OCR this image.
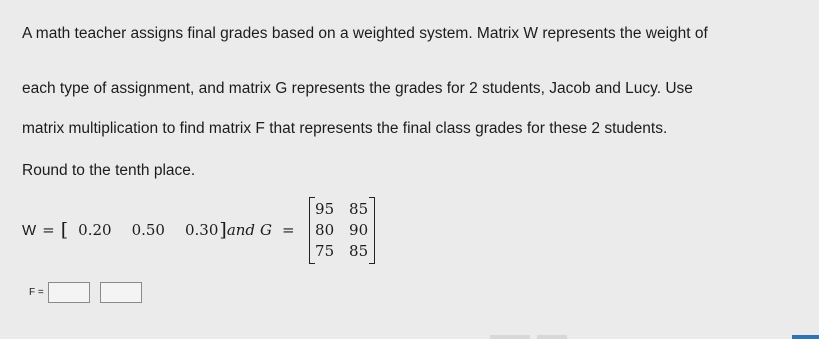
A math teacher assigns final grades based on a weighted system. Matrix W represents the weight of
each type of assignment, and matrix G represents the grades for 2 students, Jacob and Lucy. Use
matrix multiplication to find matrix F that represents the final class grades for these 2 students.
Round to the tenth place.
W = [ 0.20 0.50 0.30 ] and G =
95 85
80 90
75 85
F =
